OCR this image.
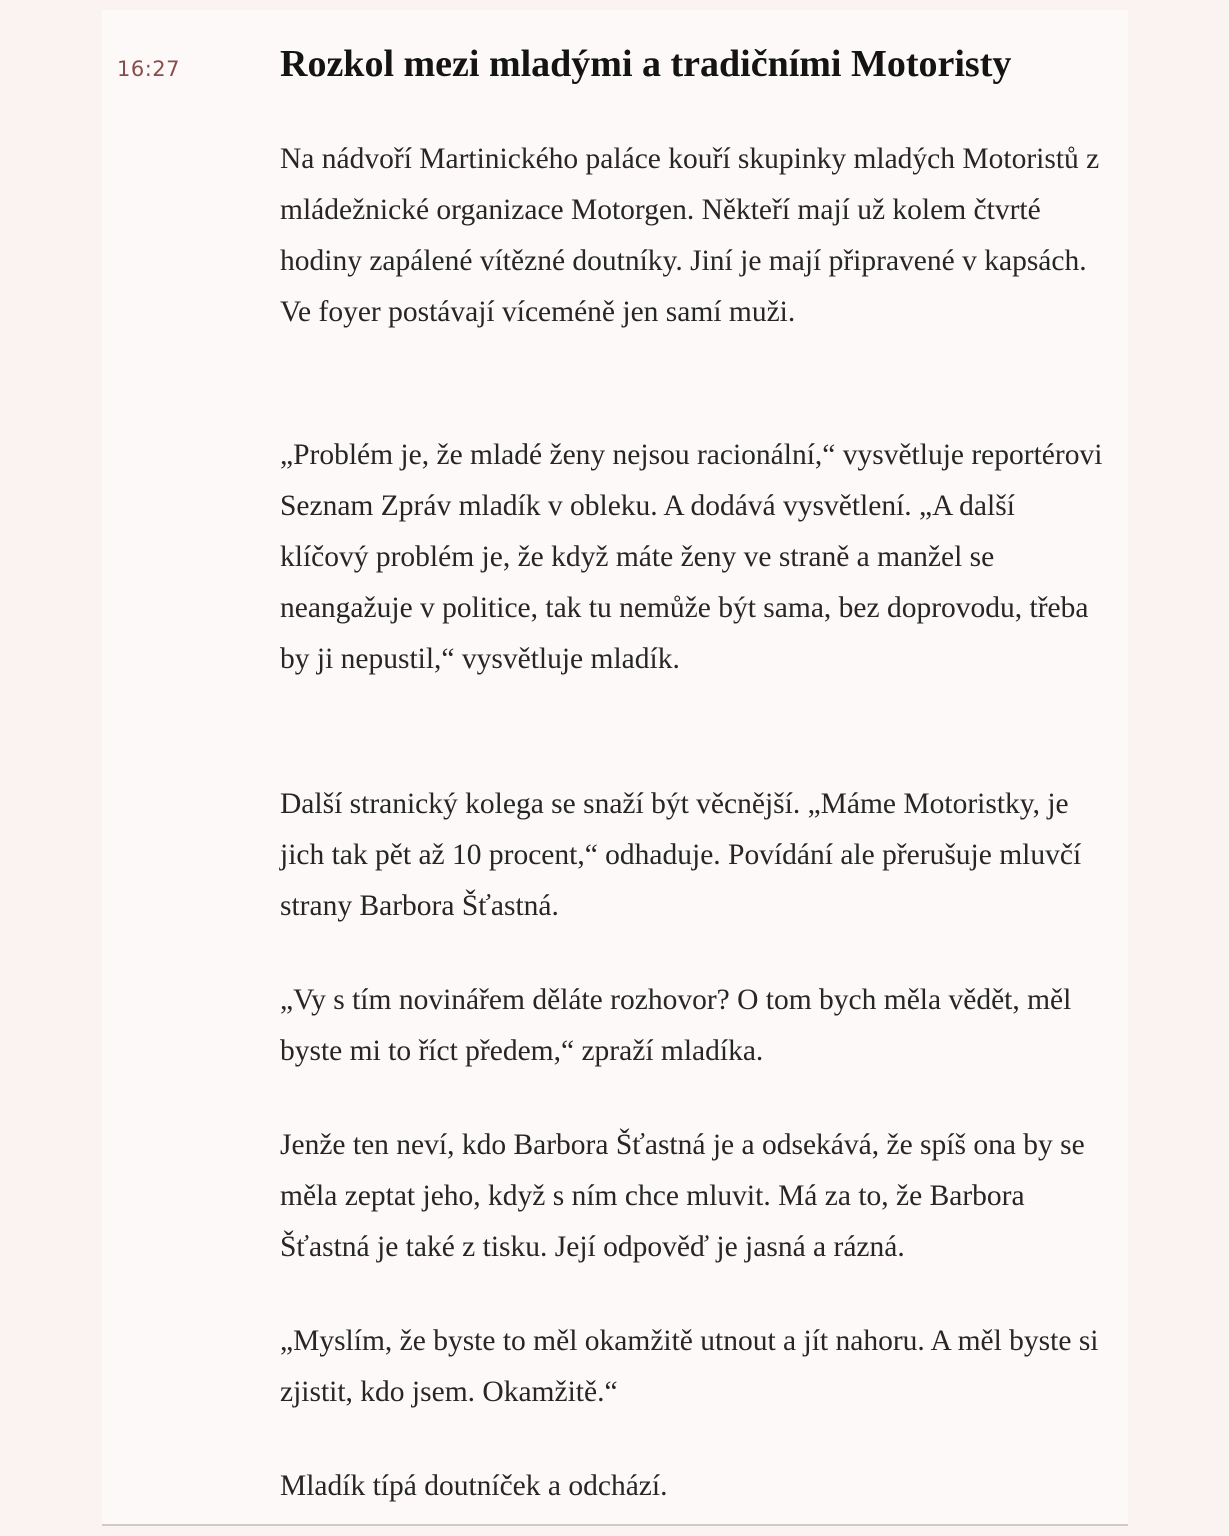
16:27	Rozkol mezi mladými a tradičními Motoristy

Na nádvoří Martinického paláce kouří skupinky mladých Motoristů z mládežnické organizace Motorgen. Někteří mají už kolem čtvrté hodiny zapálené vítězné doutníky. Jiní je mají připravené v kapsách. Ve foyer postávají víceméně jen samí muži.

„Problém je, že mladé ženy nejsou racionální,“ vysvětluje reportérovi Seznam Zpráv mladík v obleku. A dodává vysvětlení. „A další klíčový problém je, že když máte ženy ve straně a manžel se neangažuje v politice, tak tu nemůže být sama, bez doprovodu, třeba by ji nepustil,“ vysvětluje mladík.

Další stranický kolega se snaží být věcnější. „Máme Motoristky, je jich tak pět až 10 procent,“ odhaduje. Povídání ale přerušuje mluvčí strany Barbora Šťastná.

„Vy s tím novinářem děláte rozhovor? O tom bych měla vědět, měl byste mi to říct předem,“ zpraží mladíka.

Jenže ten neví, kdo Barbora Šťastná je a odsekává, že spíš ona by se měla zeptat jeho, když s ním chce mluvit. Má za to, že Barbora Šťastná je také z tisku. Její odpověď je jasná a rázná.

„Myslím, že byste to měl okamžitě utnout a jít nahoru. A měl byste si zjistit, kdo jsem. Okamžitě.“

Mladík típá doutníček a odchází.
